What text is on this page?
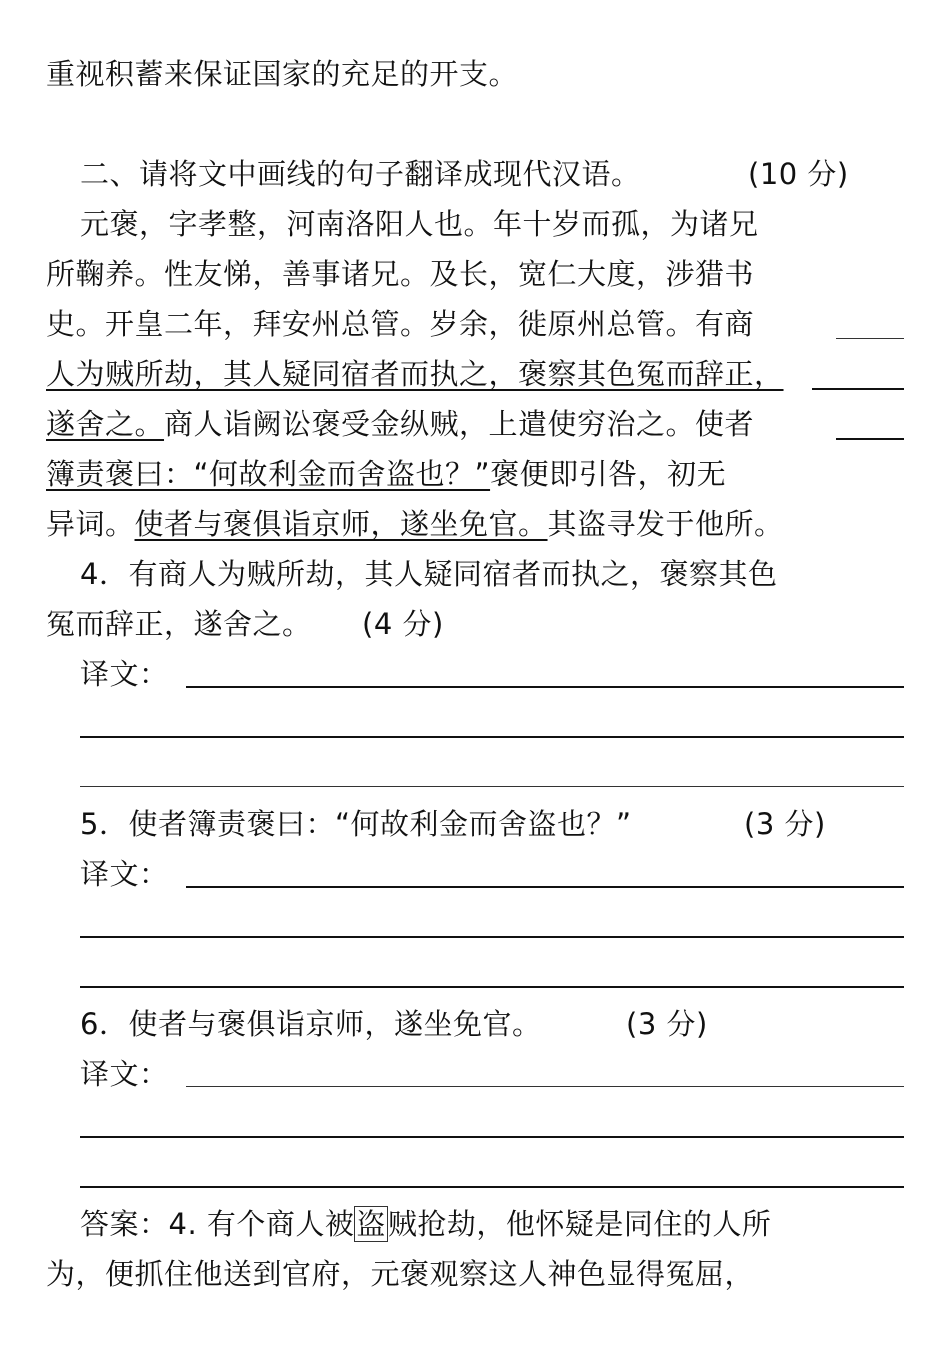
重视积蓄来保证国家的充足的开支。
二、请将文中画线的句子翻译成现代汉语。	(10 分)
元褒，字孝整，河南洛阳人也。年十岁而孤，为诸兄
所鞠养。性友悌，善事诸兄。及长，宽仁大度，涉猎书
史。开皇二年，拜安州总管。岁余，徙原州总管。有商
人为贼所劫，其人疑同宿者而执之，褒察其色冤而辞正，
遂舍之。商人诣阙讼褒受金纵贼，上遣使穷治之。使者
簿责褒曰：“何故利金而舍盗也？”褒便即引咎，初无
异词。使者与褒俱诣京师，遂坐免官。其盗寻发于他所。
4．有商人为贼所劫，其人疑同宿者而执之，褒察其色
冤而辞正，遂舍之。 (4 分)
译文：
5．使者簿责褒曰：“何故利金而舍盗也？”	(3 分)
译文：
6．使者与褒俱诣京师，遂坐免官。	(3 分)
译文：
答案：4. 有个商人被盗贼抢劫，他怀疑是同住的人所
为，便抓住他送到官府，元褒观察这人神色显得冤屈，
